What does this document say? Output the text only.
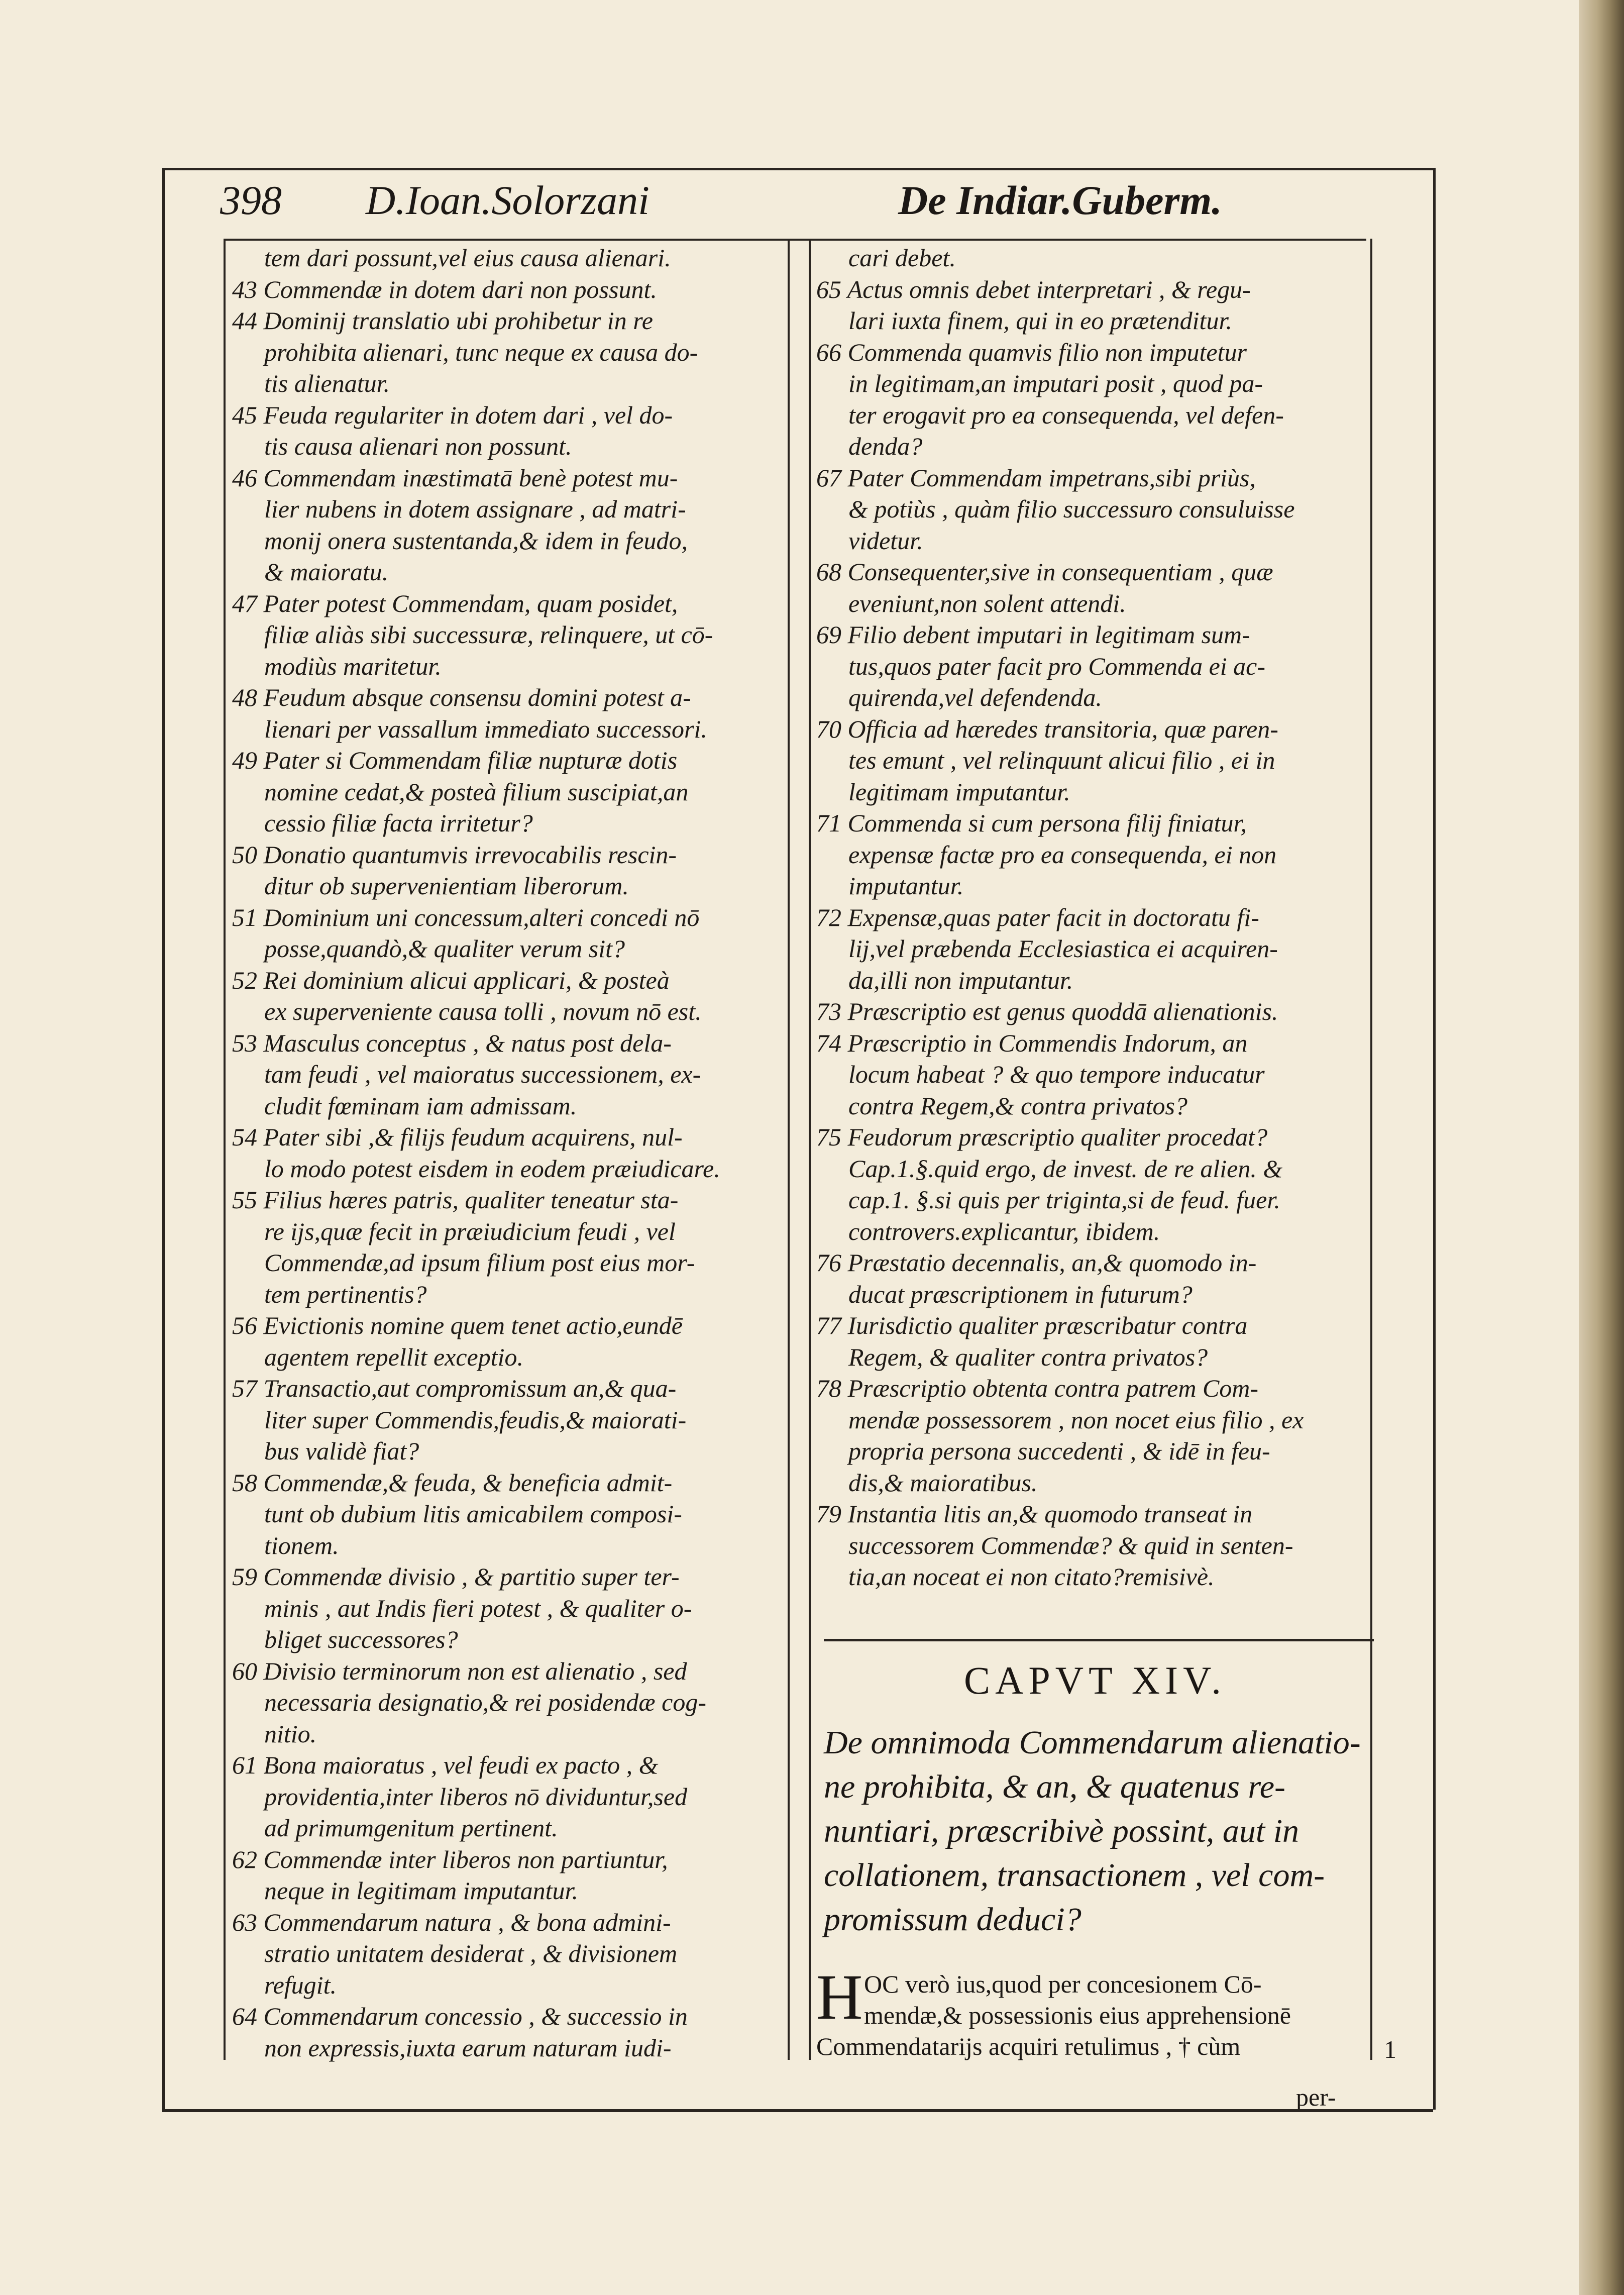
398 D.Ioan.Solorzani	De Indiar.Guberm.
tem dari possunt,vel eius causa alienari.
43 Commendæ in dotem dari non possunt.
44 Dominij translatio ubi prohibetur in re
prohibita alienari, tunc neque ex causa do-
tis alienatur.
45 Feuda regulariter in dotem dari , vel do-
tis causa alienari non possunt.
46 Commendam inæstimatā benè potest mu-
lier nubens in dotem assignare , ad matri-
monij onera sustentanda,& idem in feudo,
& maioratu.
47 Pater potest Commendam, quam posidet,
filiæ aliàs sibi successuræ, relinquere, ut cō-
modiùs maritetur.
48 Feudum absque consensu domini potest a-
lienari per vassallum immediato successori.
49 Pater si Commendam filiæ nupturæ dotis
nomine cedat,& posteà filium suscipiat,an
cessio filiæ facta irritetur?
50 Donatio quantumvis irrevocabilis rescin-
ditur ob supervenientiam liberorum.
51 Dominium uni concessum,alteri concedi nō
posse,quandò,& qualiter verum sit?
52 Rei dominium alicui applicari, & posteà
ex superveniente causa tolli , novum nō est.
53 Masculus conceptus , & natus post dela-
tam feudi , vel maioratus successionem, ex-
cludit fœminam iam admissam.
54 Pater sibi ,& filijs feudum acquirens, nul-
lo modo potest eisdem in eodem præiudicare.
55 Filius hæres patris, qualiter teneatur sta-
re ijs,quæ fecit in præiudicium feudi , vel
Commendæ,ad ipsum filium post eius mor-
tem pertinentis?
56 Evictionis nomine quem tenet actio,eundē
agentem repellit exceptio.
57 Transactio,aut compromissum an,& qua-
liter super Commendis,feudis,& maiorati-
bus validè fiat?
58 Commendæ,& feuda, & beneficia admit-
tunt ob dubium litis amicabilem composi-
tionem.
59 Commendæ divisio , & partitio super ter-
minis , aut Indis fieri potest , & qualiter o-
bliget successores?
60 Divisio terminorum non est alienatio , sed
necessaria designatio,& rei posidendæ cog-
nitio.
61 Bona maioratus , vel feudi ex pacto , &
providentia,inter liberos nō dividuntur,sed
ad primumgenitum pertinent.
62 Commendæ inter liberos non partiuntur,
neque in legitimam imputantur.
63 Commendarum natura , & bona admini-
stratio unitatem desiderat , & divisionem
refugit.
64 Commendarum concessio , & successio in
non expressis,iuxta earum naturam iudi-
cari debet.
65 Actus omnis debet interpretari , & regu-
lari iuxta finem, qui in eo prætenditur.
66 Commenda quamvis filio non imputetur
in legitimam,an imputari posit , quod pa-
ter erogavit pro ea consequenda, vel defen-
denda?
67 Pater Commendam impetrans,sibi priùs,
& potiùs , quàm filio successuro consuluisse
videtur.
68 Consequenter,sive in consequentiam , quæ
eveniunt,non solent attendi.
69 Filio debent imputari in legitimam sum-
tus,quos pater facit pro Commenda ei ac-
quirenda,vel defendenda.
70 Officia ad hæredes transitoria, quæ paren-
tes emunt , vel relinquunt alicui filio , ei in
legitimam imputantur.
71 Commenda si cum persona filij finiatur,
expensæ factæ pro ea consequenda, ei non
imputantur.
72 Expensæ,quas pater facit in doctoratu fi-
lij,vel præbenda Ecclesiastica ei acquiren-
da,illi non imputantur.
73 Præscriptio est genus quoddā alienationis.
74 Præscriptio in Commendis Indorum, an
locum habeat ? & quo tempore inducatur
contra Regem,& contra privatos?
75 Feudorum præscriptio qualiter procedat?
Cap.1.§.quid ergo, de invest. de re alien. &
cap.1. §.si quis per triginta,si de feud. fuer.
controvers.explicantur, ibidem.
76 Præstatio decennalis, an,& quomodo in-
ducat præscriptionem in futurum?
77 Iurisdictio qualiter præscribatur contra
Regem, & qualiter contra privatos?
78 Præscriptio obtenta contra patrem Com-
mendæ possessorem , non nocet eius filio , ex
propria persona succedenti , & idē in feu-
dis,& maioratibus.
79 Instantia litis an,& quomodo transeat in
successorem Commendæ? & quid in senten-
tia,an noceat ei non citato?remisivè.
CAPVT XIV.
De omnimoda Commendarum alienatio-
ne prohibita, & an, & quatenus re-
nuntiari, præscribivè possint, aut in
collationem, transactionem , vel com-
promissum deduci?
H OC verò ius,quod per concesionem Cō-
mendæ,& possessionis eius apprehensionē
Commendatarijs acquiri retulimus , † cùm	1
per-
